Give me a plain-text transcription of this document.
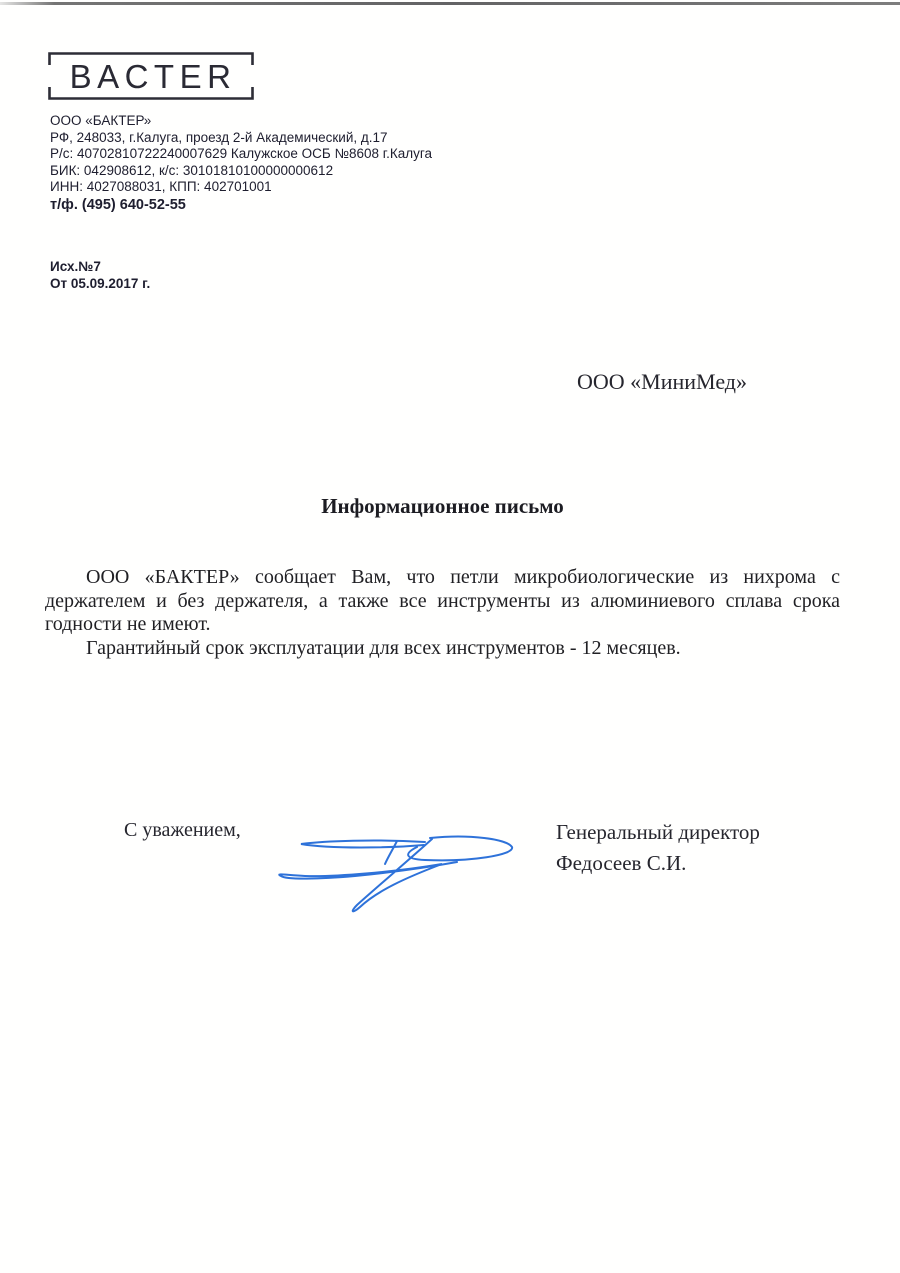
BACTER
ООО «БАКТЕР»
РФ, 248033, г.Калуга, проезд 2-й Академический, д.17
Р/с: 40702810722240007629 Калужское ОСБ №8608 г.Калуга
БИК: 042908612, к/с: 30101810100000000612
ИНН: 4027088031, КПП: 402701001
т/ф. (495) 640-52-55
Исх.№7
От 05.09.2017 г.
ООО «МиниМед»
Информационное письмо
ООО «БАКТЕР» сообщает Вам, что петли микробиологические из нихрома с
держателем и без держателя, а также все инструменты из алюминиевого сплава срока
годности не имеют.
Гарантийный срок эксплуатации для всех инструментов - 12 месяцев.
С уважением,	Генеральный директор
Федосеев С.И.
